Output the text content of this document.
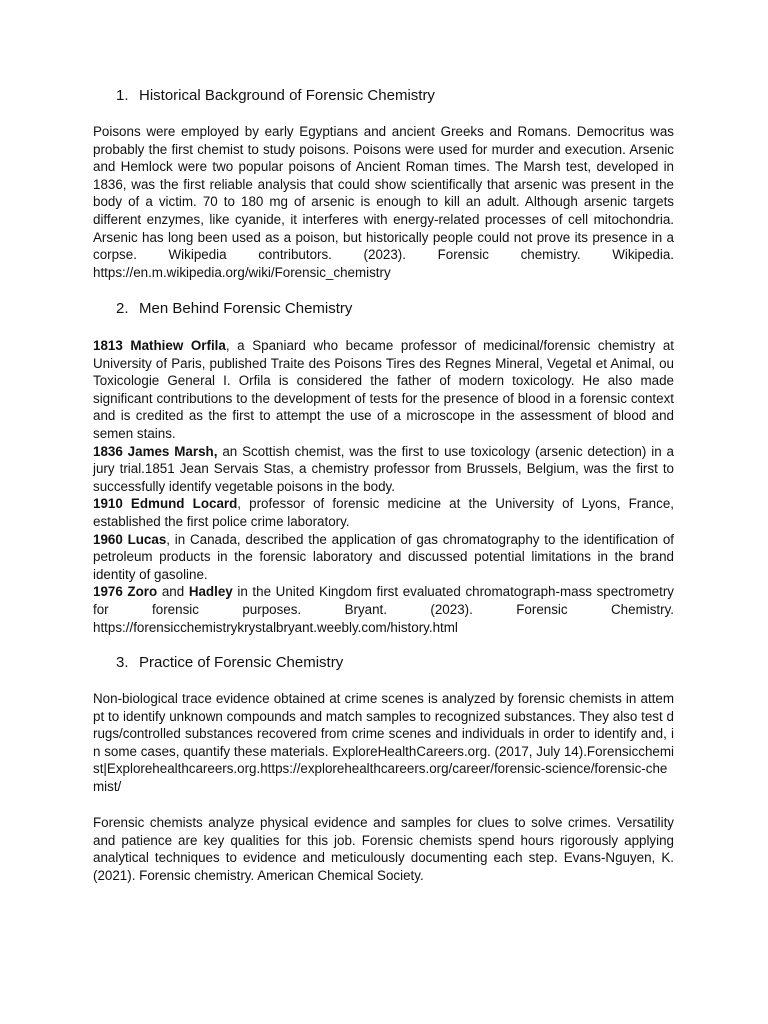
1. Historical Background of Forensic Chemistry
Poisons were employed by early Egyptians and ancient Greeks and Romans. Democritus was probably the first chemist to study poisons. Poisons were used for murder and execution. Arsenic and Hemlock were two popular poisons of Ancient Roman times. The Marsh test, developed in 1836, was the first reliable analysis that could show scientifically that arsenic was present in the body of a victim. 70 to 180 mg of arsenic is enough to kill an adult. Although arsenic targets different enzymes, like cyanide, it interferes with energy-related processes of cell mitochondria. Arsenic has long been used as a poison, but historically people could not prove its presence in a corpse. Wikipedia contributors. (2023). Forensic chemistry. Wikipedia. https://en.m.wikipedia.org/wiki/Forensic_chemistry
2. Men Behind Forensic Chemistry
1813 Mathiew Orfila, a Spaniard who became professor of medicinal/forensic chemistry at University of Paris, published Traite des Poisons Tires des Regnes Mineral, Vegetal et Animal, ou Toxicologie General I. Orfila is considered the father of modern toxicology. He also made significant contributions to the development of tests for the presence of blood in a forensic context and is credited as the first to attempt the use of a microscope in the assessment of blood and semen stains.
1836 James Marsh, an Scottish chemist, was the first to use toxicology (arsenic detection) in a jury trial.1851 Jean Servais Stas, a chemistry professor from Brussels, Belgium, was the first to successfully identify vegetable poisons in the body.
1910 Edmund Locard, professor of forensic medicine at the University of Lyons, France, established the first police crime laboratory.
1960 Lucas, in Canada, described the application of gas chromatography to the identification of petroleum products in the forensic laboratory and discussed potential limitations in the brand identity of gasoline.
1976 Zoro and Hadley in the United Kingdom first evaluated chromatograph-mass spectrometry for forensic purposes. Bryant. (2023). Forensic Chemistry. https://forensicchemistrykrystalbryant.weebly.com/history.html
3. Practice of Forensic Chemistry
Non-biological trace evidence obtained at crime scenes is analyzed by forensic chemists in attempt to identify unknown compounds and match samples to recognized substances. They also test drugs/controlled substances recovered from crime scenes and individuals in order to identify and, in some cases, quantify these materials. ExploreHealthCareers.org. (2017, July 14).Forensicchemist|Explorehealthcareers.org.https://explorehealthcareers.org/career/forensic-science/forensic-chemist/
Forensic chemists analyze physical evidence and samples for clues to solve crimes. Versatility and patience are key qualities for this job. Forensic chemists spend hours rigorously applying analytical techniques to evidence and meticulously documenting each step. Evans-Nguyen, K. (2021). Forensic chemistry. American Chemical Society.
